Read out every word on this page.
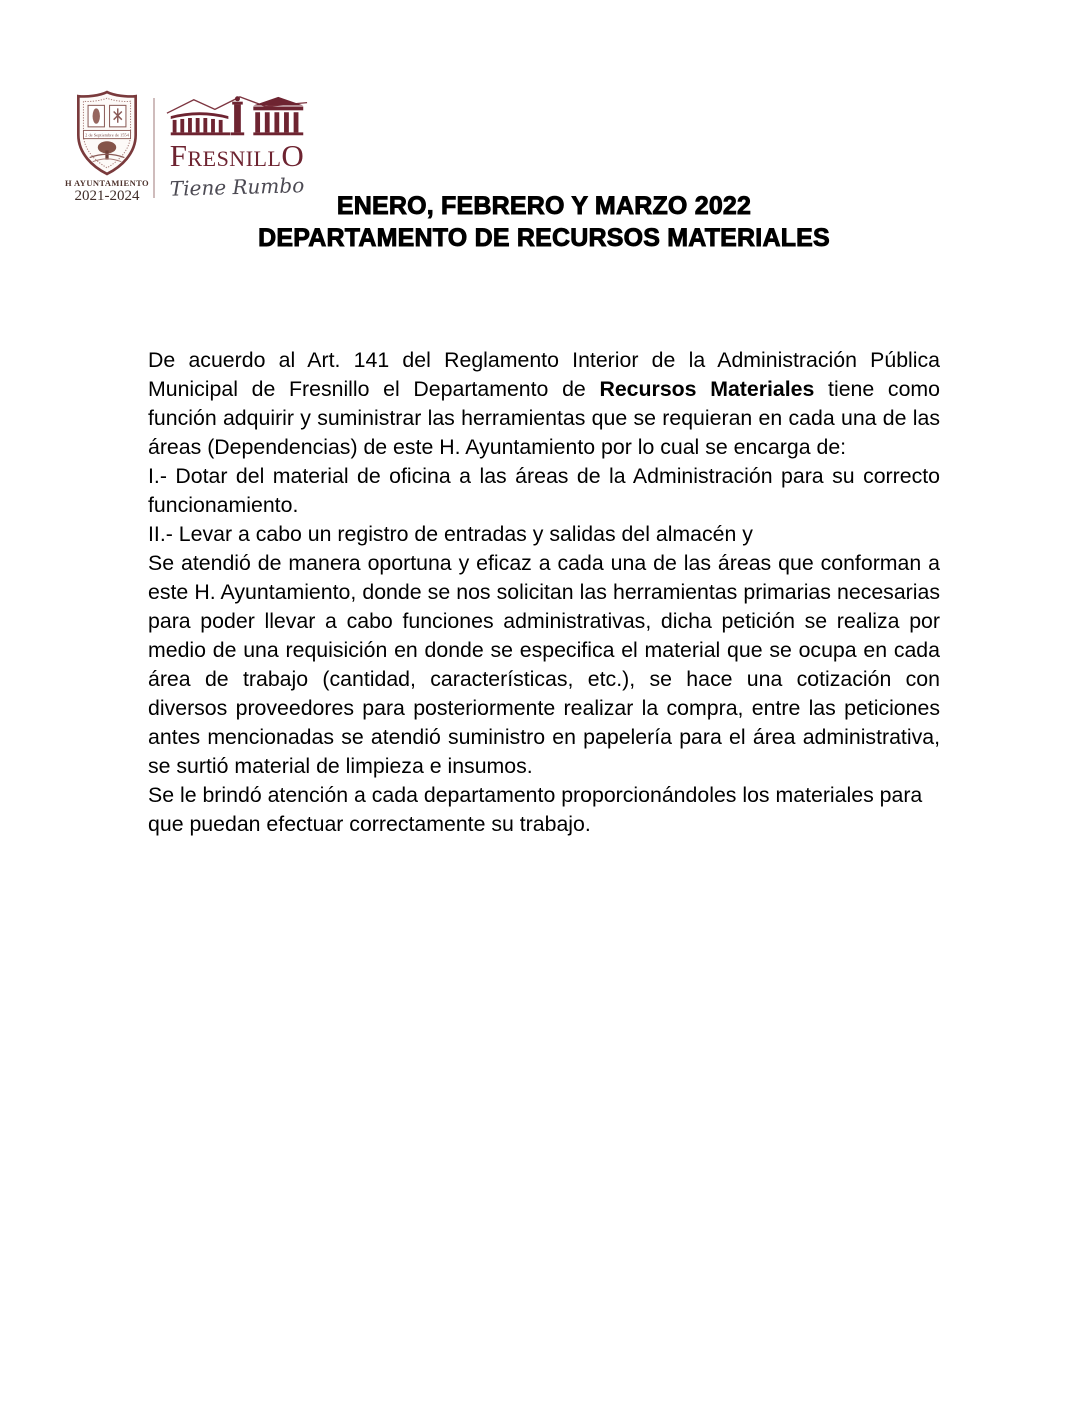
2 de Septiembre de 1554
H AYUNTAMIENTO
2021-2024
FRESNILLO
Tiene Rumbo
ENERO, FEBRERO Y MARZO 2022
DEPARTAMENTO DE RECURSOS MATERIALES

De acuerdo al Art. 141 del Reglamento Interior de la Administración Pública Municipal de Fresnillo el Departamento de Recursos Materiales tiene como función adquirir y suministrar las herramientas que se requieran en cada una de las áreas (Dependencias) de este H. Ayuntamiento por lo cual se encarga de:

I.- Dotar del material de oficina a las áreas de la Administración para su correcto funcionamiento.

II.- Levar a cabo un registro de entradas y salidas del almacén y

Se atendió de manera oportuna y eficaz a cada una de las áreas que conforman a este H. Ayuntamiento, donde se nos solicitan las herramientas primarias necesarias para poder llevar a cabo funciones administrativas, dicha petición se realiza por medio de una requisición en donde se especifica el material que se ocupa en cada área de trabajo (cantidad, características, etc.), se hace una cotización con diversos proveedores para posteriormente realizar la compra, entre las peticiones antes mencionadas se atendió suministro en papelería para el área administrativa, se surtió material de limpieza e insumos.

Se le brindó atención a cada departamento proporcionándoles los materiales para que puedan efectuar correctamente su trabajo.
